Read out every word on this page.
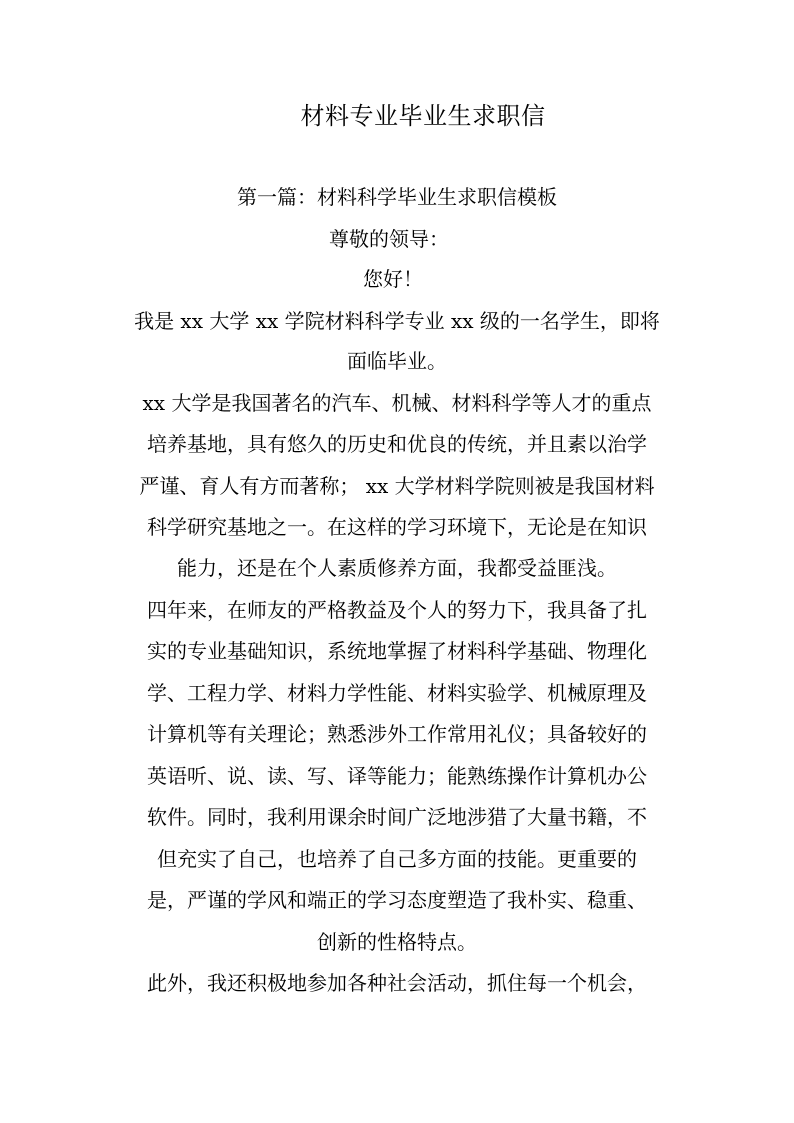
材料专业毕业生求职信
第一篇：材料科学毕业生求职信模板
尊敬的领导：
您好！
我是 xx 大学 xx 学院材料科学专业 xx 级的一名学生，即将
面临毕业。
xx 大学是我国著名的汽车、机械、材料科学等人才的重点
培养基地，具有悠久的历史和优良的传统，并且素以治学
严谨、育人有方而著称； xx 大学材料学院则被是我国材料
科学研究基地之一。在这样的学习环境下，无论是在知识
能力，还是在个人素质修养方面，我都受益匪浅。
四年来，在师友的严格教益及个人的努力下，我具备了扎
实的专业基础知识，系统地掌握了材料科学基础、物理化
学、工程力学、材料力学性能、材料实验学、机械原理及
计算机等有关理论；熟悉涉外工作常用礼仪；具备较好的
英语听、说、读、写、译等能力；能熟练操作计算机办公
软件。同时，我利用课余时间广泛地涉猎了大量书籍，不
但充实了自己，也培养了自己多方面的技能。更重要的
是，严谨的学风和端正的学习态度塑造了我朴实、稳重、
创新的性格特点。
此外，我还积极地参加各种社会活动，抓住每一个机会，
